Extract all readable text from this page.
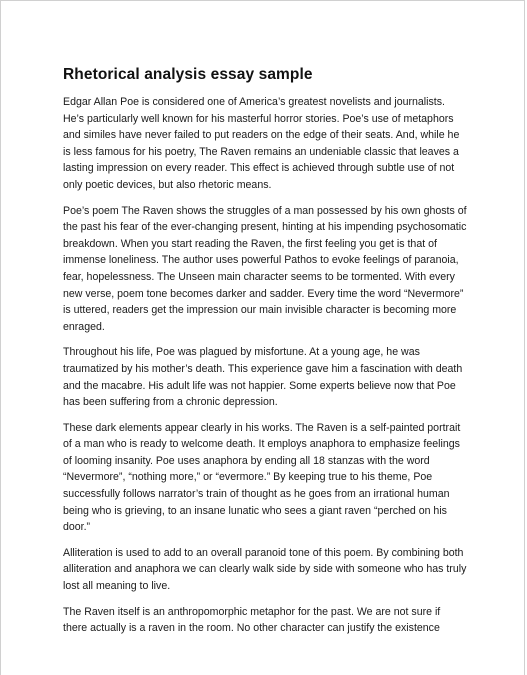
Rhetorical analysis essay sample

Edgar Allan Poe is considered one of America’s greatest novelists and journalists. He’s particularly well known for his masterful horror stories. Poe’s use of metaphors and similes have never failed to put readers on the edge of their seats. And, while he is less famous for his poetry, The Raven remains an undeniable classic that leaves a lasting impression on every reader. This effect is achieved through subtle use of not only poetic devices, but also rhetoric means.

Poe’s poem The Raven shows the struggles of a man possessed by his own ghosts of the past his fear of the ever-changing present, hinting at his impending psychosomatic breakdown. When you start reading the Raven, the first feeling you get is that of immense loneliness. The author uses powerful Pathos to evoke feelings of paranoia, fear, hopelessness. The Unseen main character seems to be tormented. With every new verse, poem tone becomes darker and sadder. Every time the word “Nevermore” is uttered, readers get the impression our main invisible character is becoming more enraged.

Throughout his life, Poe was plagued by misfortune. At a young age, he was traumatized by his mother’s death. This experience gave him a fascination with death and the macabre. His adult life was not happier. Some experts believe now that Poe has been suffering from a chronic depression.

These dark elements appear clearly in his works. The Raven is a self-painted portrait of a man who is ready to welcome death. It employs anaphora to emphasize feelings of looming insanity. Poe uses anaphora by ending all 18 stanzas with the word “Nevermore”, “nothing more,” or “evermore.” By keeping true to his theme, Poe successfully follows narrator’s train of thought as he goes from an irrational human being who is grieving, to an insane lunatic who sees a giant raven “perched on his door.”

Alliteration is used to add to an overall paranoid tone of this poem. By combining both alliteration and anaphora we can clearly walk side by side with someone who has truly lost all meaning to live.

The Raven itself is an anthropomorphic metaphor for the past. We are not sure if there actually is a raven in the room. No other character can justify the existence
